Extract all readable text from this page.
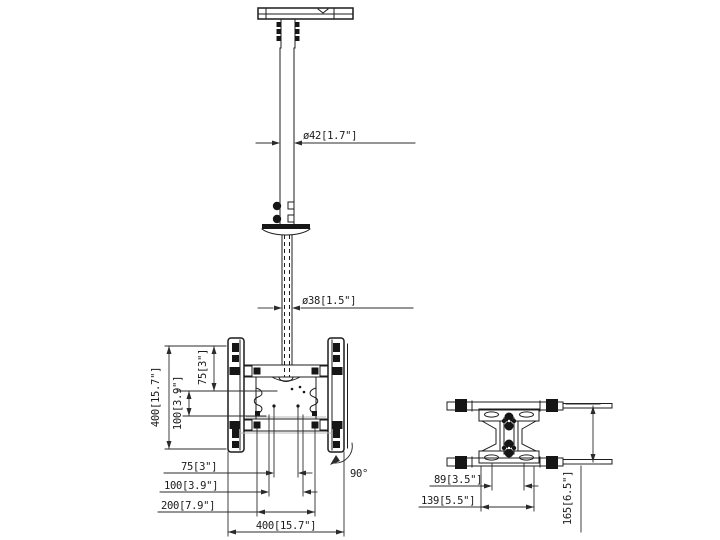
ø42[1.7"]
ø38[1.5"]
400[15.7"]	75[3"]
100[3.9"]
75[3"]
100[3.9"]
200[7.9"]
400[15.7"]
90°	89[3.5"]
139[5.5"]	165[6.5"]
